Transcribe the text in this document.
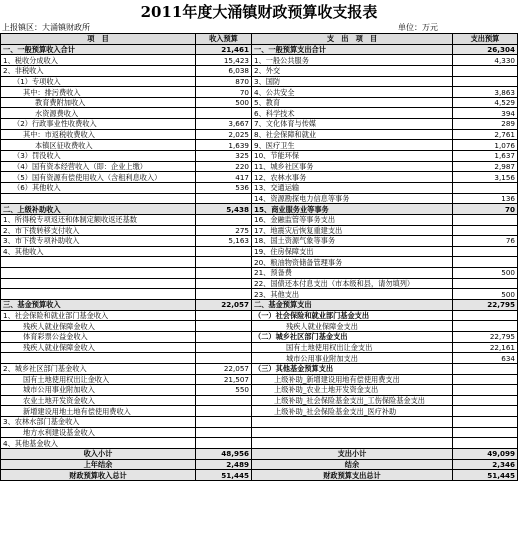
2011年度大涌镇财政预算收支报表
上报镇区：大涌镇财政所	单位：万元
项　目	收入预算	支　出　项　目	支出预算
一、一般预算收入合计	21,461	一、一般预算支出合计	26,304
1、税收分成收入	15,423	1、一般公共服务	4,330
2、非税收入	6,038	2、外交	
（1）专项收入	870	3、国防	
其中：排污费收入	70	4、公共安全	3,863
教育费附加收入	500	5、教育	4,529
水资源费收入		6、科学技术	394
（2）行政事业性收费收入	3,667	7、文化体育与传媒	289
其中：市返税收费收入	2,025	8、社会保障和就业	2,761
本镇区征收费收入	1,639	9、医疗卫生	1,076
（3）罚没收入	325	10、节能环保	1,637
（4）国有资本经营收入（即：企业上缴）	220	11、城乡社区事务	2,987
（5）国有资源有偿使用收入（含租利息收入）	417	12、农林水事务	3,156
（6）其他收入	536	13、交通运输	
		14、资源勘探电力信息等事务	136
二、上级补助收入	5,438	15、商业服务业等事务	70
1、所得税专项返还和体制定额收返还基数		16、金融监管等事务支出	
2、市下拨转移支付收入	275	17、地震灾后恢复重建支出	
3、市下拨专项补助收入	5,163	18、国土资源气象等事务	76
4、其他收入		19、住房保障支出	
		20、粮油物资储备管理事务	
		21、预备费	500
		22、国债还本付息支出（市本级和县，请勿填列）	
		23、其他支出	500
三、基金预算收入	22,057	二、基金预算支出	22,795
1、社会保险和就业部门基金收入		（一）社会保险和就业部门基金支出	
残疾人就业保障金收入		残疾人就业保障金支出	
体育彩票公益金收入		（二）城乡社区部门基金支出	22,795
残疾人就业保障金收入		国有土地使用权出让金支出	22,161
		城市公用事业附加支出	634
2、城乡社区部门基金收入	22,057	（三）其他基金预算支出	
国有土地使用权出让金收入	21,507	上级补助_新增建设用地有偿使用费支出	
城市公用事业附加收入	550	上级补助_农业土地开发资金支出	
农业土地开发资金收入		上级补助_社会保险基金支出_工伤保险基金支出	
新增建设用地土地有偿使用费收入		上级补助_社会保险基金支出_医疗补助	
3、农林水部门基金收入			
地方水利建设基金收入			
4、其他基金收入			
收入小计	48,956	支出小计	49,099
上年结余	2,489	结余	2,346
财政预算收入总计	51,445	财政预算支出总计	51,445
